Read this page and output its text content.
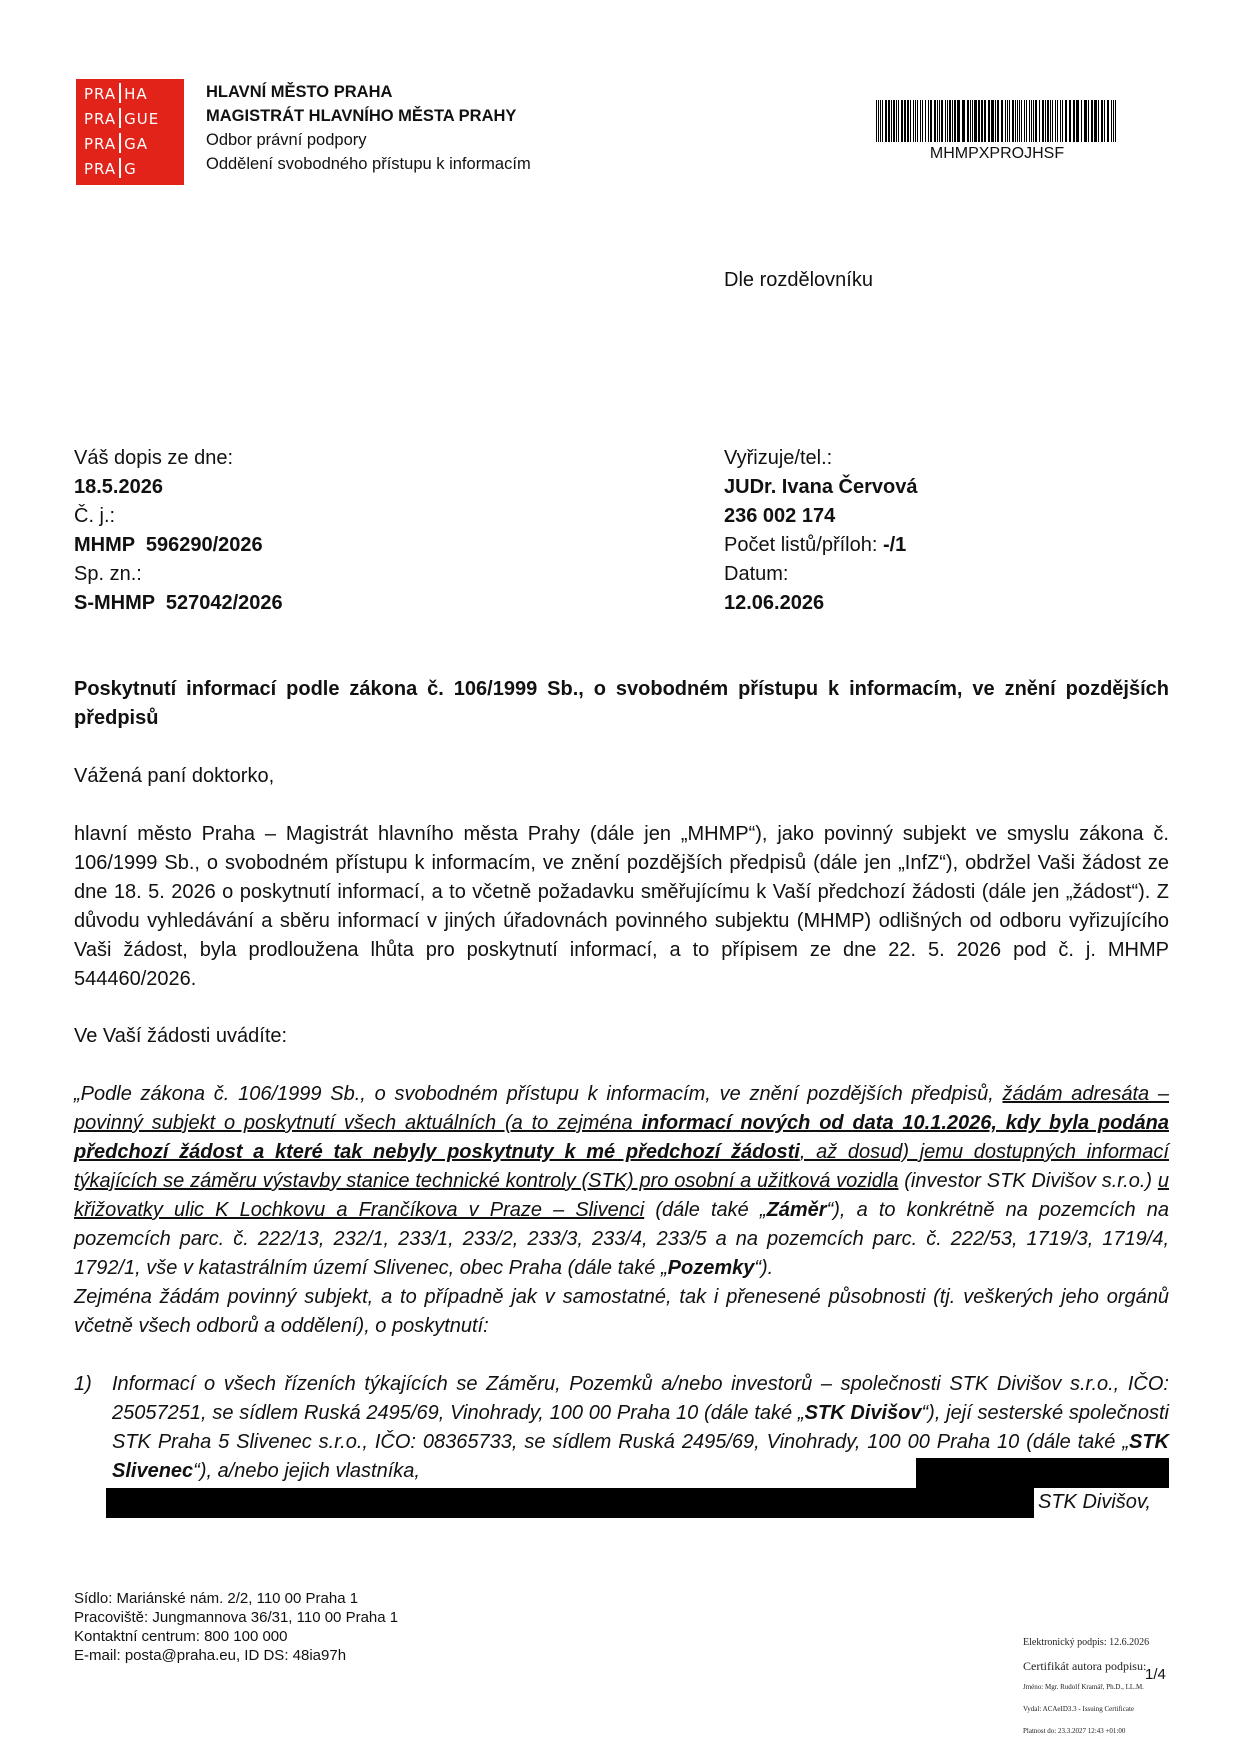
PRA HA
PRA GUE
PRA GA
PRA G
HLAVNÍ MĚSTO PRAHA
MAGISTRÁT HLAVNÍHO MĚSTA PRAHY
Odbor právní podpory
Oddělení svobodného přístupu k informacím
MHMPXPROJHSF
Dle rozdělovníku
Váš dopis ze dne:
18.5.2026
Č. j.:
MHMP  596290/2026
Sp. zn.:
S-MHMP  527042/2026
Vyřizuje/tel.:
JUDr. Ivana Červová
236 002 174
Počet listů/příloh: -/1
Datum:
12.06.2026
Poskytnutí informací podle zákona č. 106/1999 Sb., o svobodném přístupu k informacím, ve znění pozdějších předpisů
Vážená paní doktorko,
hlavní město Praha – Magistrát hlavního města Prahy (dále jen „MHMP“), jako povinný subjekt ve smyslu zákona č. 106/1999 Sb., o svobodném přístupu k informacím, ve znění pozdějších předpisů (dále jen „InfZ“), obdržel Vaši žádost ze dne 18. 5. 2026 o poskytnutí informací, a to včetně požadavku směřujícímu k Vaší předchozí žádosti (dále jen „žádost“). Z důvodu vyhledávání a sběru informací v jiných úřadovnách povinného subjektu (MHMP) odlišných od odboru vyřizujícího Vaši žádost, byla prodloužena lhůta pro poskytnutí informací, a to přípisem ze dne 22. 5. 2026 pod č. j. MHMP 544460/2026.
Ve Vaší žádosti uvádíte:
„Podle zákona č. 106/1999 Sb., o svobodném přístupu k informacím, ve znění pozdějších předpisů, žádám adresáta – povinný subjekt o poskytnutí všech aktuálních (a to zejména informací nových od data 10.1.2026, kdy byla podána předchozí žádost a které tak nebyly poskytnuty k mé předchozí žádosti, až dosud) jemu dostupných informací týkajících se záměru výstavby stanice technické kontroly (STK) pro osobní a užitková vozidla (investor STK Divišov s.r.o.) u křižovatky ulic K Lochkovu a Frančíkova v Praze – Slivenci (dále také „Záměr“), a to konkrétně na pozemcích na pozemcích parc. č. 222/13, 232/1, 233/1, 233/2, 233/3, 233/4, 233/5 a na pozemcích parc. č. 222/53, 1719/3, 1719/4, 1792/1, vše v katastrálním území Slivenec, obec Praha (dále také „Pozemky“).
Zejména žádám povinný subjekt, a to případně jak v samostatné, tak i přenesené působnosti (tj. veškerých jeho orgánů včetně všech odborů a oddělení), o poskytnutí:
1) Informací o všech řízeních týkajících se Záměru, Pozemků a/nebo investorů – společnosti STK Divišov s.r.o., IČO: 25057251, se sídlem Ruská 2495/69, Vinohrady, 100 00 Praha 10 (dále také „STK Divišov“), její sesterské společnosti STK Praha 5 Slivenec s.r.o., IČO: 08365733, se sídlem Ruská 2495/69, Vinohrady, 100 00 Praha 10 (dále také „STK Slivenec“), a/nebo jejich vlastníka,
STK Divišov,
Sídlo: Mariánské nám. 2/2, 110 00 Praha 1
Pracoviště: Jungmannova 36/31, 110 00 Praha 1
Kontaktní centrum: 800 100 000
E-mail: posta@praha.eu, ID DS: 48ia97h
Elektronický podpis: 12.6.2026
Certifikát autora podpisu:
Jméno: Mgr. Rudolf Kramář, Ph.D., LL.M.
Vydal: ACAeID3.3 - Issuing Certificate
Platnost do: 23.3.2027 12:43 +01:00
1/4
